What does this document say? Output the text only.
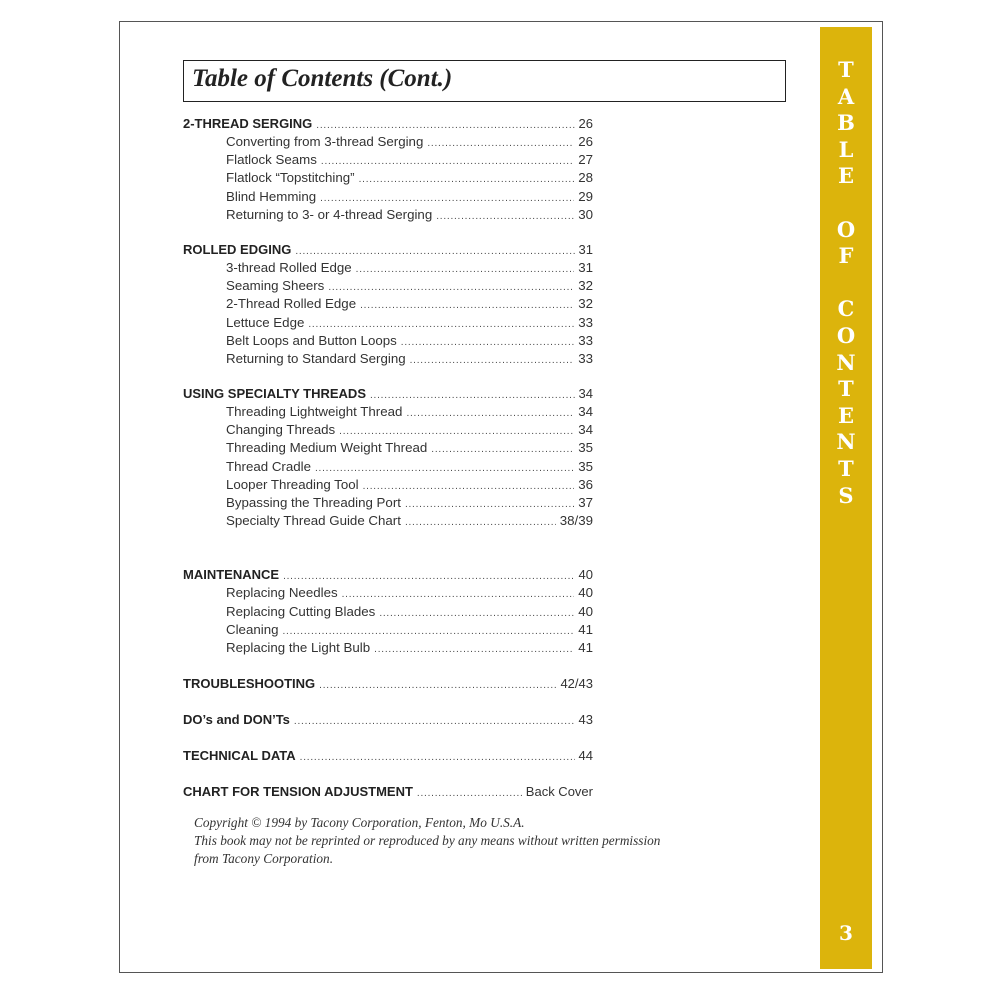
T
A
B
L
E
O
F
C
O
N
T
E
N
T
S
3
Table of Contents (Cont.)
2-THREAD SERGING . . .	26
Converting from 3-thread Serging . . .	26
Flatlock Seams . . .	27
Flatlock “Topstitching” . . .	28
Blind Hemming . . .	29
Returning to 3- or 4-thread Serging . . .	30
ROLLED EDGING . . .	31
3-thread Rolled Edge . . .	31
Seaming Sheers . . .	32
2-Thread Rolled Edge . . .	32
Lettuce Edge . . .	33
Belt Loops and Button Loops . . .	33
Returning to Standard Serging . . .	33
USING SPECIALTY THREADS . . .	34
Threading Lightweight Thread . . .	34
Changing Threads . . .	34
Threading Medium Weight Thread . . .	35
Thread Cradle . . .	35
Looper Threading Tool . . .	36
Bypassing the Threading Port . . .	37
Specialty Thread Guide Chart . . .	38/39
MAINTENANCE . . .	40
Replacing Needles . . .	40
Replacing Cutting Blades . . .	40
Cleaning . . .	41
Replacing the Light Bulb . . .	41
TROUBLESHOOTING . . .	42/43
DO’s and DON’Ts . . .	43
TECHNICAL DATA . . .	44
CHART FOR TENSION ADJUSTMENT . . .	Back Cover
Copyright © 1994 by Tacony Corporation, Fenton, Mo U.S.A.
This book may not be reprinted or reproduced by any means without written permission
from Tacony Corporation.
